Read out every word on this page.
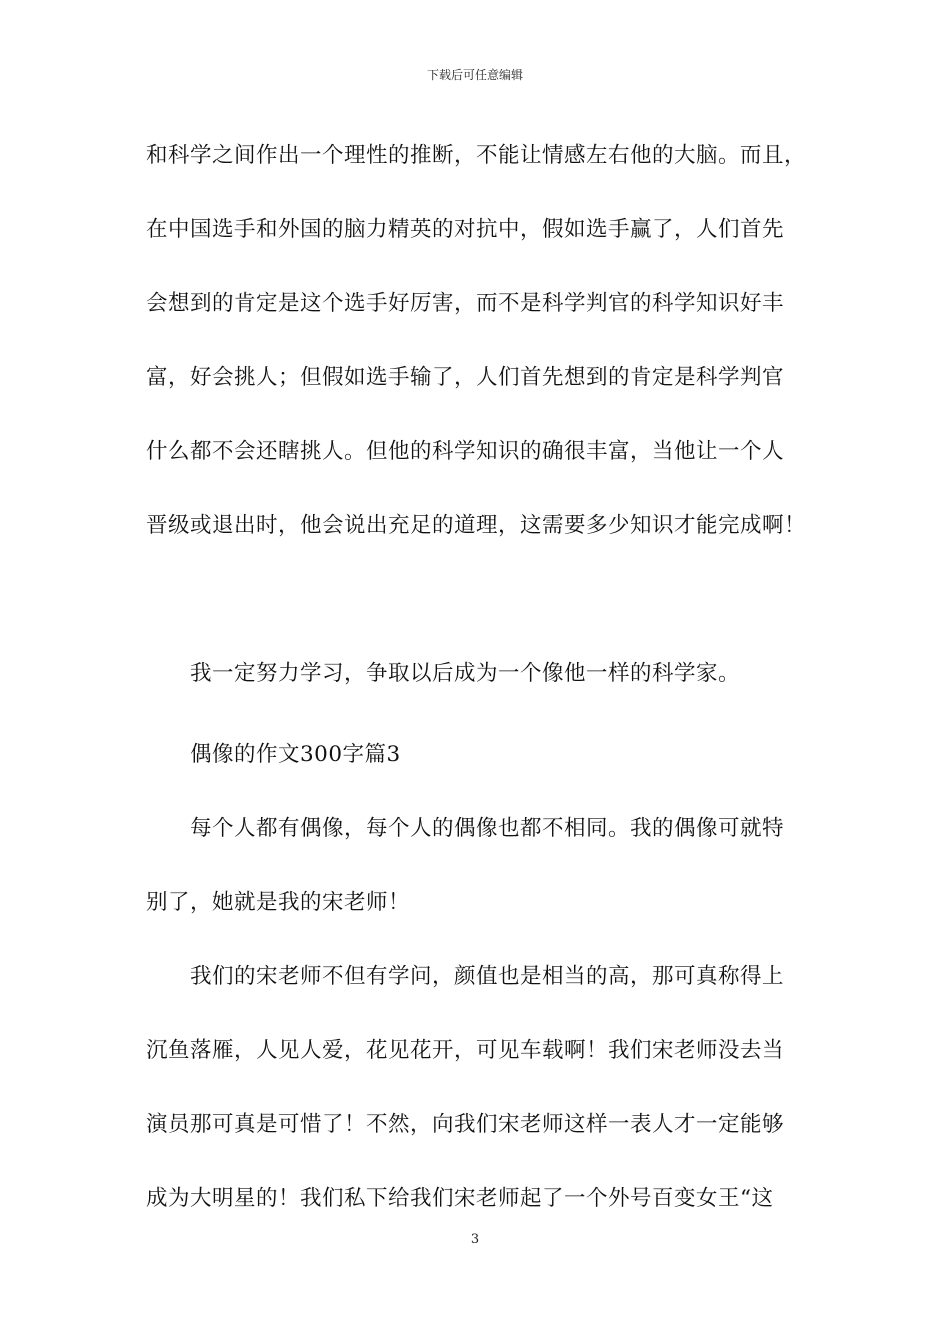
下载后可任意编辑
和科学之间作出一个理性的推断，不能让情感左右他的大脑。而且，
在中国选手和外国的脑力精英的对抗中，假如选手赢了，人们首先
会想到的肯定是这个选手好厉害，而不是科学判官的科学知识好丰
富，好会挑人；但假如选手输了，人们首先想到的肯定是科学判官
什么都不会还瞎挑人。但他的科学知识的确很丰富，当他让一个人
晋级或退出时，他会说出充足的道理，这需要多少知识才能完成啊！
我一定努力学习，争取以后成为一个像他一样的科学家。
偶像的作文300字篇3
每个人都有偶像，每个人的偶像也都不相同。我的偶像可就特
别了，她就是我的宋老师！
我们的宋老师不但有学问，颜值也是相当的高，那可真称得上
沉鱼落雁，人见人爱，花见花开，可见车载啊！我们宋老师没去当
演员那可真是可惜了！不然，向我们宋老师这样一表人才一定能够
成为大明星的！我们私下给我们宋老师起了一个外号百变女王“这
3
